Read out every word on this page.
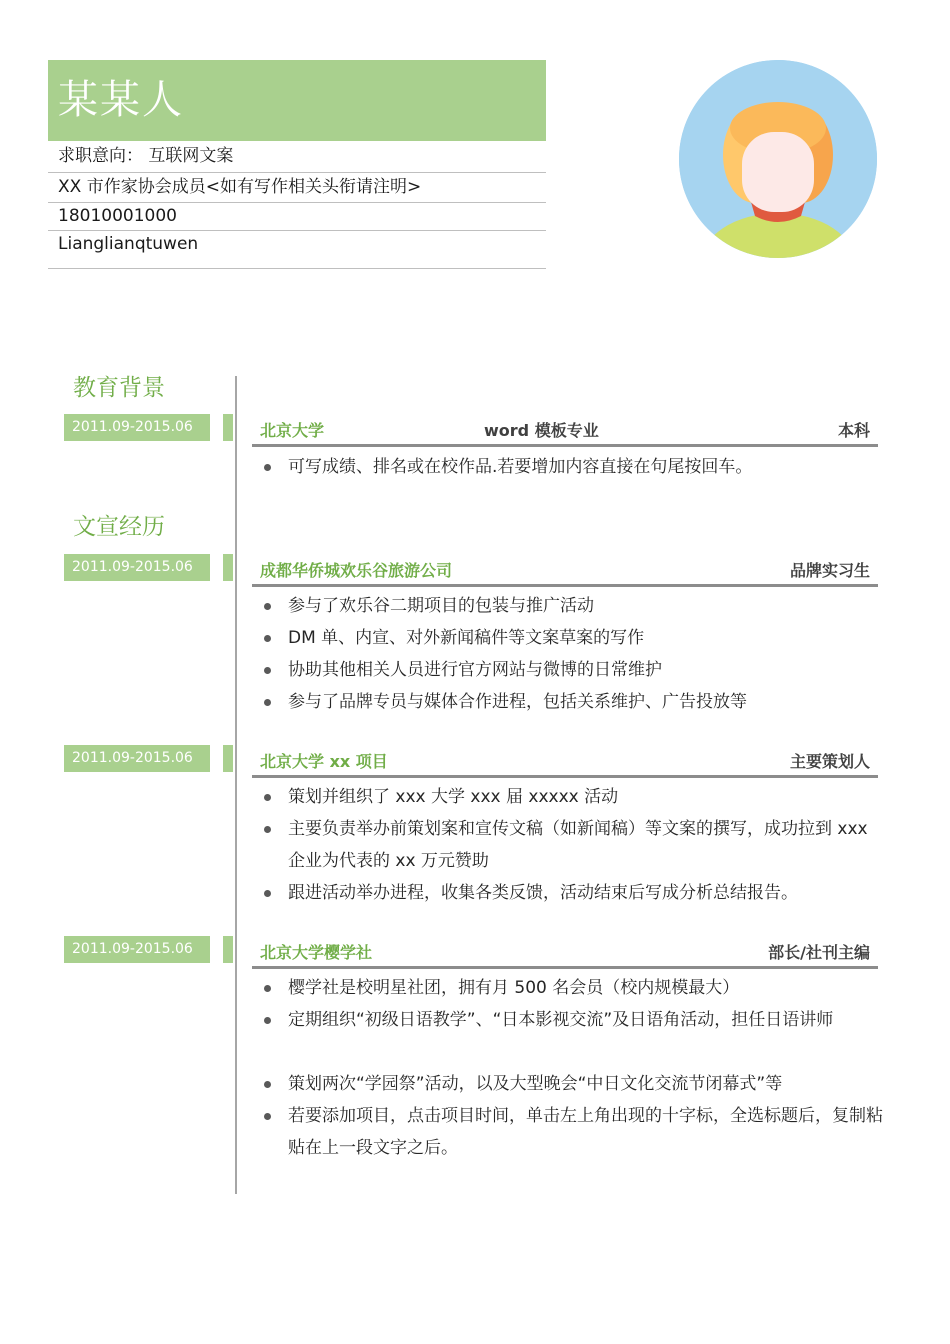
某某人
求职意向： 互联网文案
XX 市作家协会成员<如有写作相关头衔请注明>
18010001000
Lianglianqtuwen
教育背景
2011.09-2015.06	北京大学	word 模板专业	本科
可写成绩、排名或在校作品.若要增加内容直接在句尾按回车。
文宣经历
2011.09-2015.06	成都华侨城欢乐谷旅游公司	品牌实习生
参与了欢乐谷二期项目的包装与推广活动
DM 单、内宣、对外新闻稿件等文案草案的写作
协助其他相关人员进行官方网站与微博的日常维护
参与了品牌专员与媒体合作进程，包括关系维护、广告投放等
2011.09-2015.06	北京大学 xx 项目	主要策划人
策划并组织了 xxx 大学 xxx 届 xxxxx 活动
主要负责举办前策划案和宣传文稿（如新闻稿）等文案的撰写，成功拉到 xxx 企业为代表的 xx 万元赞助
跟进活动举办进程，收集各类反馈，活动结束后写成分析总结报告。
2011.09-2015.06	北京大学樱学社	部长/社刊主编
樱学社是校明星社团，拥有月 500 名会员（校内规模最大）
定期组织“初级日语教学”、“日本影视交流”及日语角活动，担任日语讲师
策划两次“学园祭”活动，以及大型晚会“中日文化交流节闭幕式”等
若要添加项目，点击项目时间，单击左上角出现的十字标，全选标题后，复制粘贴在上一段文字之后。
